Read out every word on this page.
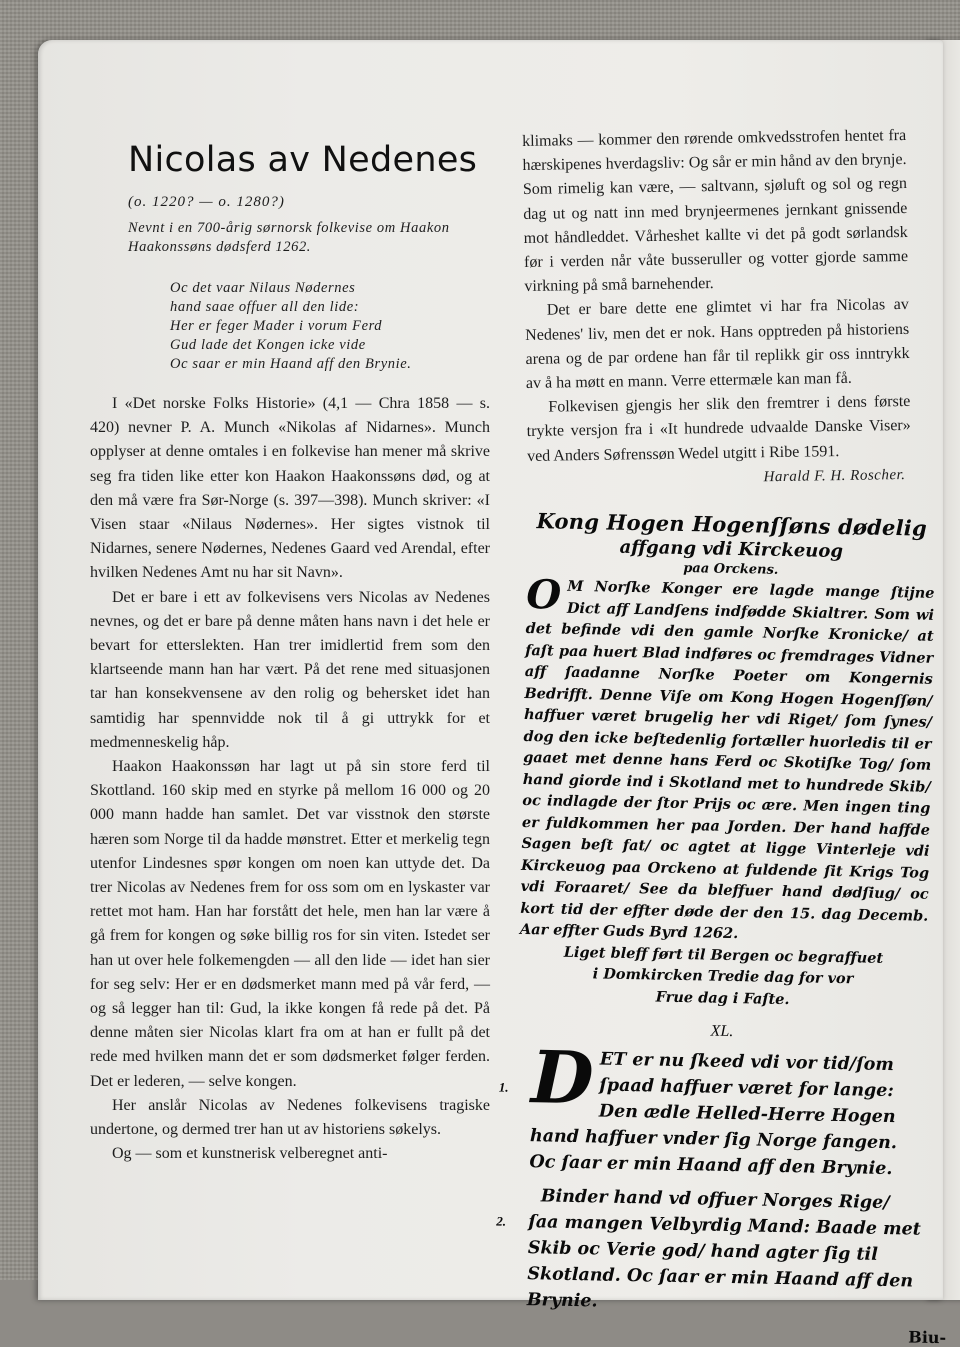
Nicolas av Nedenes
(o. 1220? — o. 1280?)
Nevnt i en 700-årig sørnorsk folkevise om Haakon Haakonssøns dødsferd 1262.
Oc det vaar Nilaus Nødernes
hand saae offuer all den lide:
Her er feger Mader i vorum Ferd
Gud lade det Kongen icke vide
Oc saar er min Haand aff den Brynie.

I «Det norske Folks Historie» (4,1 — Chra 1858 — s. 420) nevner P. A. Munch «Nikolas af Nidarnes». Munch opplyser at denne omtales i en folkevise han mener må skrive seg fra tiden like etter kon Haakon Haakonssøns død, og at den må være fra Sør-Norge (s. 397—398). Munch skriver: «I Visen staar «Nilaus Nødernes». Her sigtes vistnok til Nidarnes, senere Nødernes, Nedenes Gaard ved Arendal, efter hvilken Nedenes Amt nu har sit Navn».

Det er bare i ett av folkevisens vers Nicolas av Nedenes nevnes, og det er bare på denne måten hans navn i det hele er bevart for etterslekten. Han trer imidlertid frem som den klartseende mann han har vært. På det rene med situasjonen tar han konsekvensene av den rolig og behersket idet han samtidig har spennvidde nok til å gi uttrykk for et medmenneskelig håp.

Haakon Haakonssøn har lagt ut på sin store ferd til Skottland. 160 skip med en styrke på mellom 16 000 og 20 000 mann hadde han samlet. Det var visstnok den største hæren som Norge til da hadde mønstret. Etter et merkelig tegn utenfor Lindesnes spør kongen om noen kan uttyde det. Da trer Nicolas av Nedenes frem for oss som om en lyskaster var rettet mot ham. Han har forstått det hele, men han lar være å gå frem for kongen og søke billig ros for sin viten. Istedet ser han ut over hele folkemengden — all den lide — idet han sier for seg selv: Her er en dødsmerket mann med på vår ferd, — og så legger han til: Gud, la ikke kongen få rede på det. På denne måten sier Nicolas klart fra om at han er fullt på det rede med hvilken mann det er som dødsmerket følger ferden. Det er lederen, — selve kongen.

Her anslår Nicolas av Nedenes folkevisens tragiske undertone, og dermed trer han ut av historiens søkelys.

Og — som et kunstnerisk velberegnet anti-

klimaks — kommer den rørende omkvedsstrofen hentet fra hærskipenes hverdagsliv: Og sår er min hånd av den brynje. Som rimelig kan være, — saltvann, sjøluft og sol og regn dag ut og natt inn med brynjeermenes jernkant gnissende mot håndleddet. Vårheshet kallte vi det på godt sørlandsk før i verden når våte busseruller og votter gjorde samme virkning på små barnehender.

Det er bare dette ene glimtet vi har fra Nicolas av Nedenes' liv, men det er nok. Hans opptreden på historiens arena og de par ordene han får til replikk gir oss inntrykk av å ha møtt en mann. Verre ettermæle kan man få.

Folkevisen gjengis her slik den fremtrer i dens første trykte versjon fra i «It hundrede udvaalde Danske Viser» ved Anders Søfrenssøn Wedel utgitt i Ribe 1591.

Harald F. H. Roscher.
Kong Hogen Hogenſſøns dødelig
affgang vdi Kirckeuog
paa Orckens.
O M Norſke Konger ere lagde mange ſtijne Dict aff Landſens indfødde Skialtrer. Som wi det befinde vdi den gamle Norſke Kronicke/ at faſt paa huert Blad indføres oc fremdrages Vidner aff ſaadanne Norſke Poeter om Kongernis Bedrifft. Denne Viſe om Kong Hogen Hogenſſøn/ haffuer været brugelig her vdi Riget/ ſom ſynes/ dog den icke beſtedenlig fortæller huorledis til er gaaet met denne hans Ferd oc Skotiſke Tog/ ſom hand giorde ind i Skotland met to hundrede Skib/ oc indlagde der ſtor Prijs oc ære. Men ingen ting er fuldkommen her paa Jorden. Der hand haffde Sagen beſt fat/ oc agtet at ligge Vinterleje vdi Kirckeuog paa Orckeno at fuldende ſit Krigs Tog vdi Foraaret/ See da bleffuer hand dødſiug/ oc kort tid der effter døde der den 15. dag Decemb. Aar effter Guds Byrd 1262.
Liget bleff ført til Bergen oc begraffuet
i Domkircken Tredie dag for vor
Frue dag i Faſte.
XL.
1. D ET er nu ſkeed vdi vor tid/ſom ſpaad haffuer været for lange: Den ædle Helled-Herre Hogen hand haffuer vnder ſig Norge fangen. Oc ſaar er min Haand aff den Brynie.
2.
Binder hand vd offuer Norges Rige/ ſaa mangen Velbyrdig Mand: Baade met Skib oc Verie god/ hand agter ſig til Skotland. Oc ſaar er min Haand aff den Brynie.
Biu-
